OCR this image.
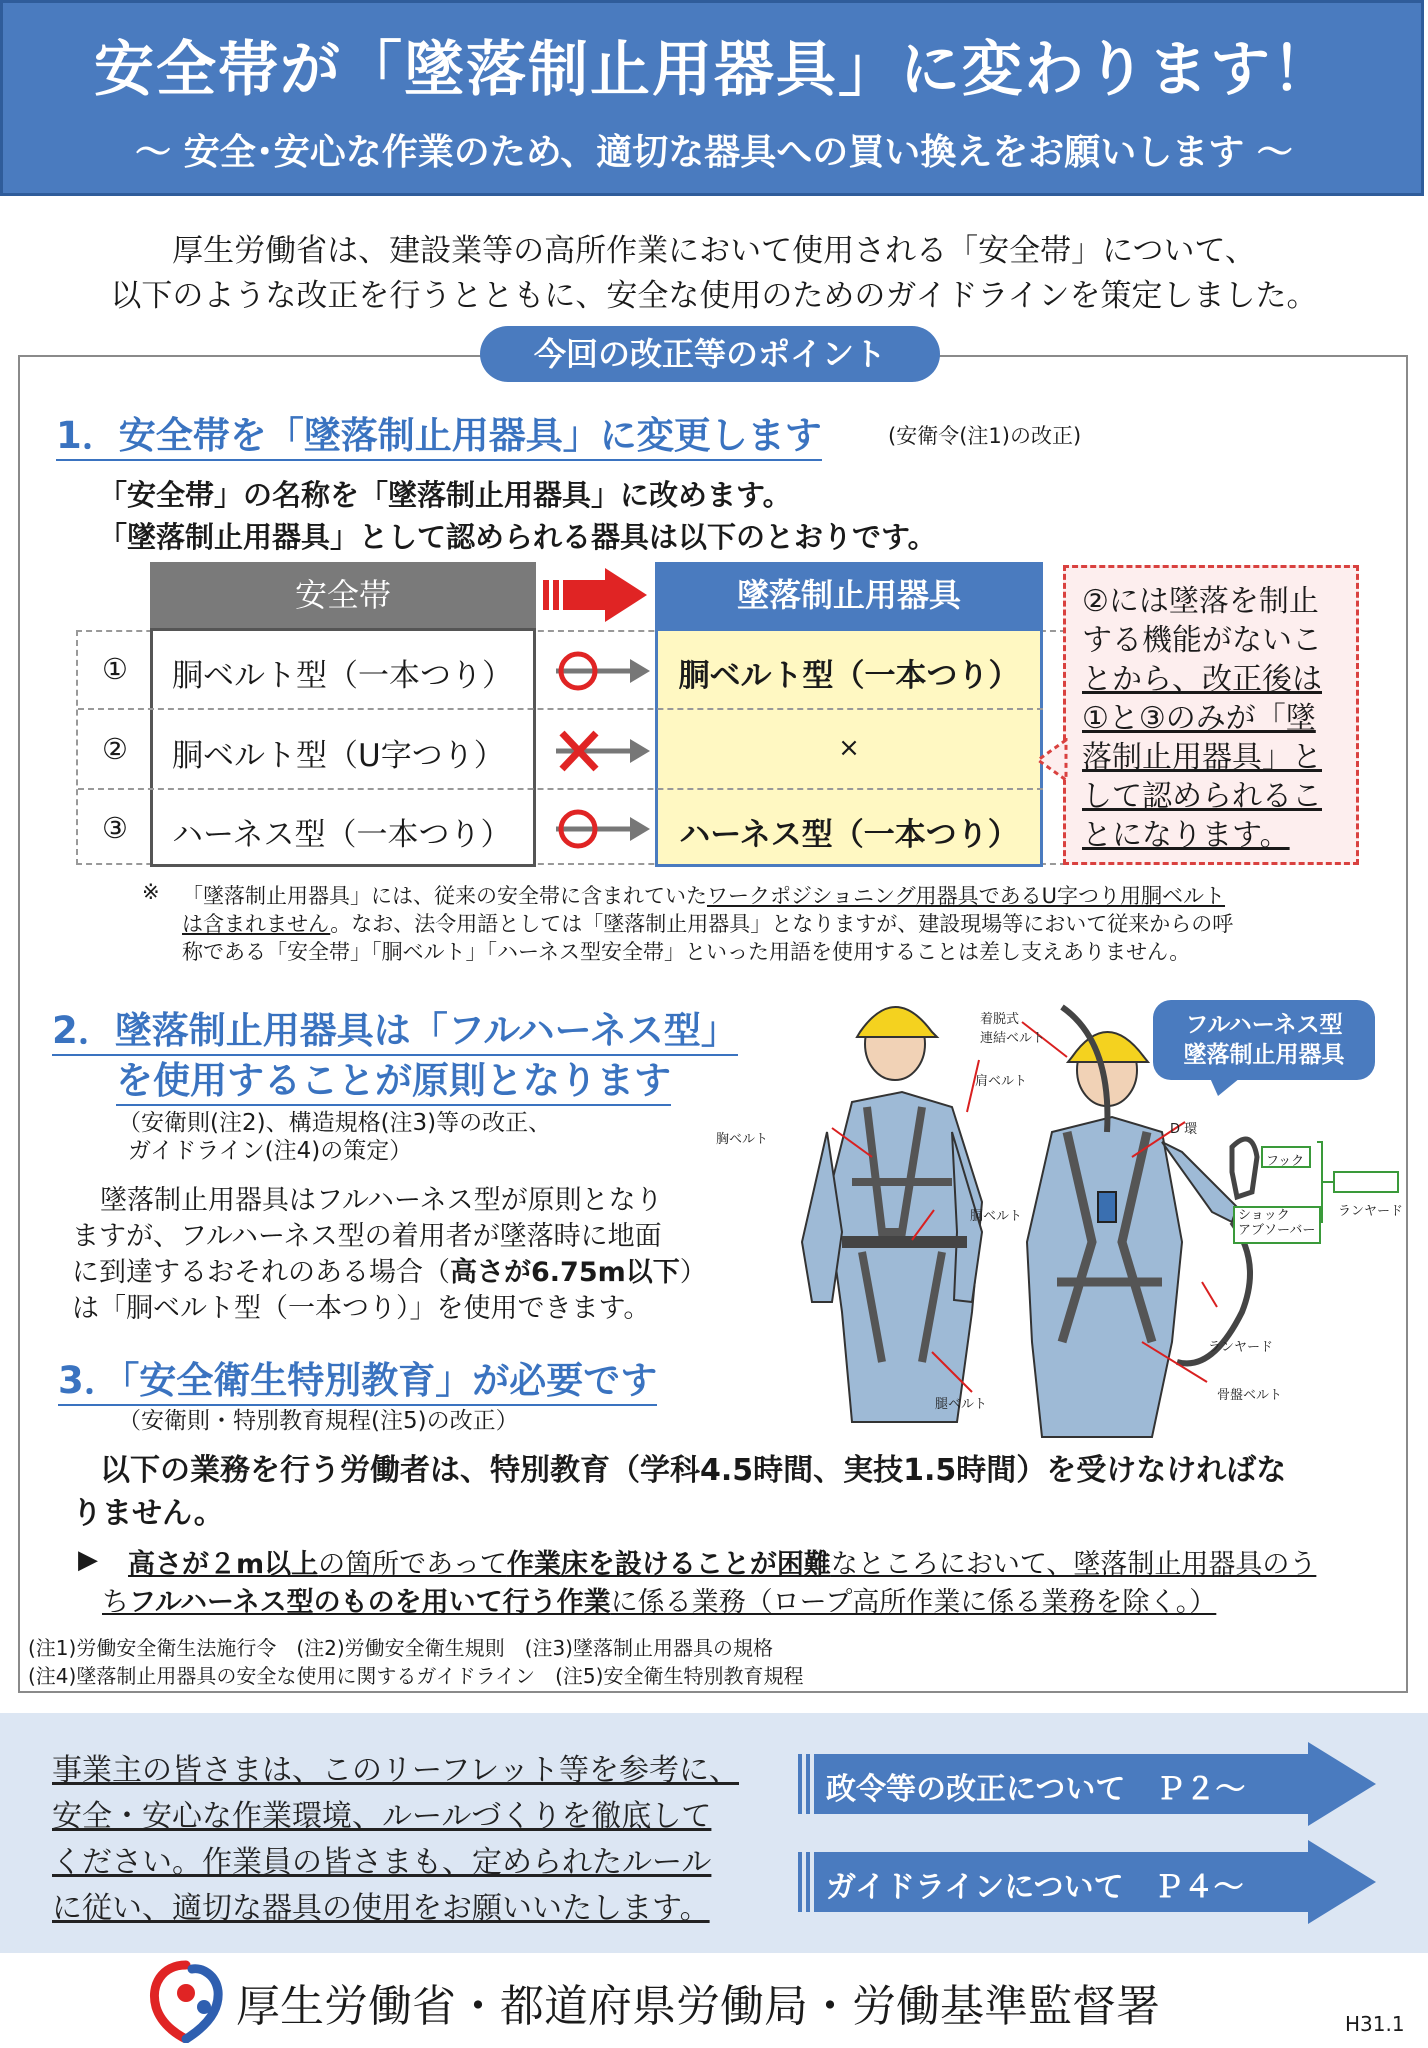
安全帯が「墜落制止用器具」に変わります！
～ 安全･安心な作業のため、適切な器具への買い換えをお願いします ～
厚生労働省は、建設業等の高所作業において使用される「安全帯」について、
以下のような改正を行うとともに、安全な使用のためのガイドラインを策定しました。
今回の改正等のポイント
1．安全帯を「墜落制止用器具」に変更します	(安衛令(注1)の改正)
「安全帯」の名称を「墜落制止用器具」に改めます。
「墜落制止用器具」として認められる器具は以下のとおりです。
安全帯	墜落制止用器具
①	胴ベルト型（一本つり）	胴ベルト型（一本つり）
②	胴ベルト型（U字つり）	×
③	ハーネス型（一本つり）	ハーネス型（一本つり）
②には墜落を制止
する機能がないこ
とから、改正後は
①と③のみが「墜
落制止用器具」と
して認められるこ
とになります。
※ 「墜落制止用器具」には、従来の安全帯に含まれていたワークポジショニング用器具であるU字つり用胴ベルト
は含まれません。なお、法令用語としては「墜落制止用器具」となりますが、建設現場等において従来からの呼
称である「安全帯」「胴ベルト」「ハーネス型安全帯」といった用語を使用することは差し支えありません。
2．墜落制止用器具は「フルハーネス型」
を使用することが原則となります
（安衛則(注2)、構造規格(注3)等の改正、
ガイドライン(注4)の策定）
墜落制止用器具はフルハーネス型が原則となり
ますが、フルハーネス型の着用者が墜落時に地面
に到達するおそれのある場合（高さが6.75m以下）
は「胴ベルト型（一本つり）」を使用できます。
フルハーネス型
墜落制止用器具
着脱式
連結ベルト
肩ベルト
胸ベルト
胴ベルト
腿ベルト
D 環
フック
ランヤード
ショック
アブソーバー
ランヤード
骨盤ベルト
3．「安全衛生特別教育」が必要です
（安衛則・特別教育規程(注5)の改正）
以下の業務を行う労働者は、特別教育（学科4.5時間、実技1.5時間）を受けなければな
りません。
▶ 高さが２m以上の箇所であって作業床を設けることが困難なところにおいて、墜落制止用器具のう
ちフルハーネス型のものを用いて行う作業に係る業務（ロープ高所作業に係る業務を除く。）
(注1)労働安全衛生法施行令　(注2)労働安全衛生規則　(注3)墜落制止用器具の規格
(注4)墜落制止用器具の安全な使用に関するガイドライン　(注5)安全衛生特別教育規程
事業主の皆さまは、このリーフレット等を参考に、
安全・安心な作業環境、ルールづくりを徹底して
ください。作業員の皆さまも、定められたルール
に従い、適切な器具の使用をお願いいたします。
政令等の改正について　Ｐ２～
ガイドラインについて　Ｐ４～
厚生労働省・都道府県労働局・労働基準監督署	H31.1
